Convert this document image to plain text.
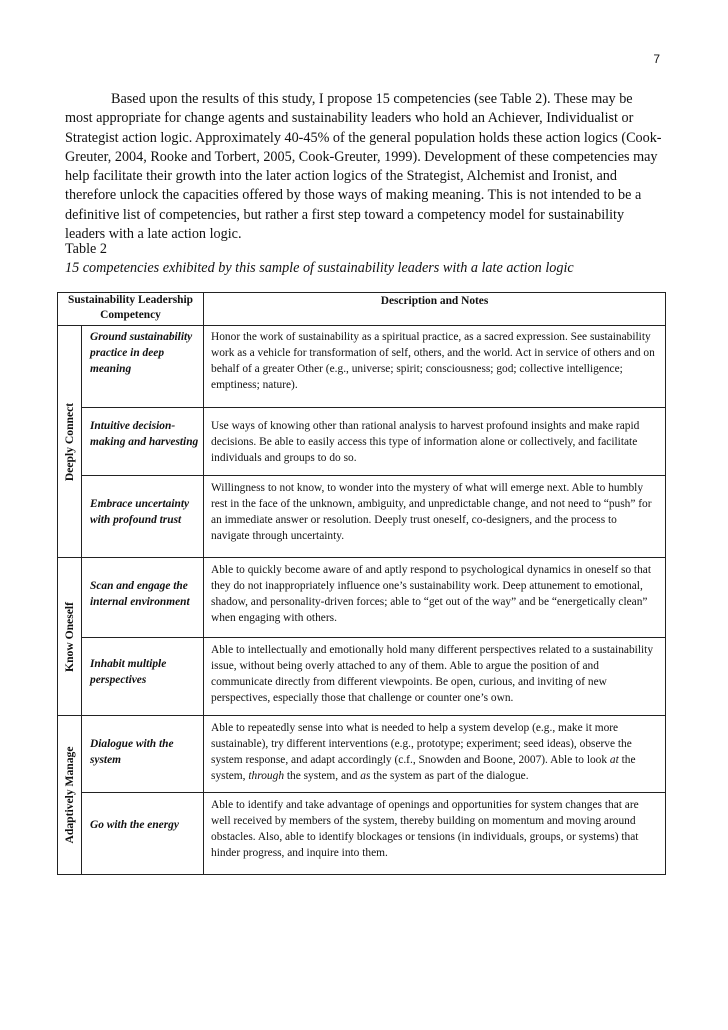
7

Based upon the results of this study, I propose 15 competencies (see Table 2). These may be most appropriate for change agents and sustainability leaders who hold an Achiever, Individualist or Strategist action logic. Approximately 40-45% of the general population holds these action logics (Cook-Greuter, 2004, Rooke and Torbert, 2005, Cook-Greuter, 1999). Development of these competencies may help facilitate their growth into the later action logics of the Strategist, Alchemist and Ironist, and therefore unlock the capacities offered by those ways of making meaning. This is not intended to be a definitive list of competencies, but rather a first step toward a competency model for sustainability leaders with a late action logic.

Table 2

15 competencies exhibited by this sample of sustainability leaders with a late action logic

Sustainability Leadership Competency		Description and Notes

Deeply Connect	Ground sustainability practice in deep meaning	Honor the work of sustainability as a spiritual practice, as a sacred expression. See sustainability work as a vehicle for transformation of self, others, and the world. Act in service of others and on behalf of a greater Other (e.g., universe; spirit; consciousness; god; collective intelligence; emptiness; nature).
	Intuitive decision-making and harvesting	Use ways of knowing other than rational analysis to harvest profound insights and make rapid decisions. Be able to easily access this type of information alone or collectively, and facilitate individuals and groups to do so.
	Embrace uncertainty with profound trust	Willingness to not know, to wonder into the mystery of what will emerge next. Able to humbly rest in the face of the unknown, ambiguity, and unpredictable change, and not need to “push” for an immediate answer or resolution. Deeply trust oneself, co-designers, and the process to navigate through uncertainty.

Know Oneself	Scan and engage the internal environment	Able to quickly become aware of and aptly respond to psychological dynamics in oneself so that they do not inappropriately influence one’s sustainability work. Deep attunement to emotional, shadow, and personality-driven forces; able to “get out of the way” and be “energetically clean” when engaging with others.
	Inhabit multiple perspectives	Able to intellectually and emotionally hold many different perspectives related to a sustainability issue, without being overly attached to any of them. Able to argue the position of and communicate directly from different viewpoints. Be open, curious, and inviting of new perspectives, especially those that challenge or counter one’s own.

Adaptively Manage	Dialogue with the system	Able to repeatedly sense into what is needed to help a system develop (e.g., make it more sustainable), try different interventions (e.g., prototype; experiment; seed ideas), observe the system response, and adapt accordingly (c.f., Snowden and Boone, 2007). Able to look at the system, through the system, and as the system as part of the dialogue.
	Go with the energy	Able to identify and take advantage of openings and opportunities for system changes that are well received by members of the system, thereby building on momentum and moving around obstacles. Also, able to identify blockages or tensions (in individuals, groups, or systems) that hinder progress, and inquire into them.
